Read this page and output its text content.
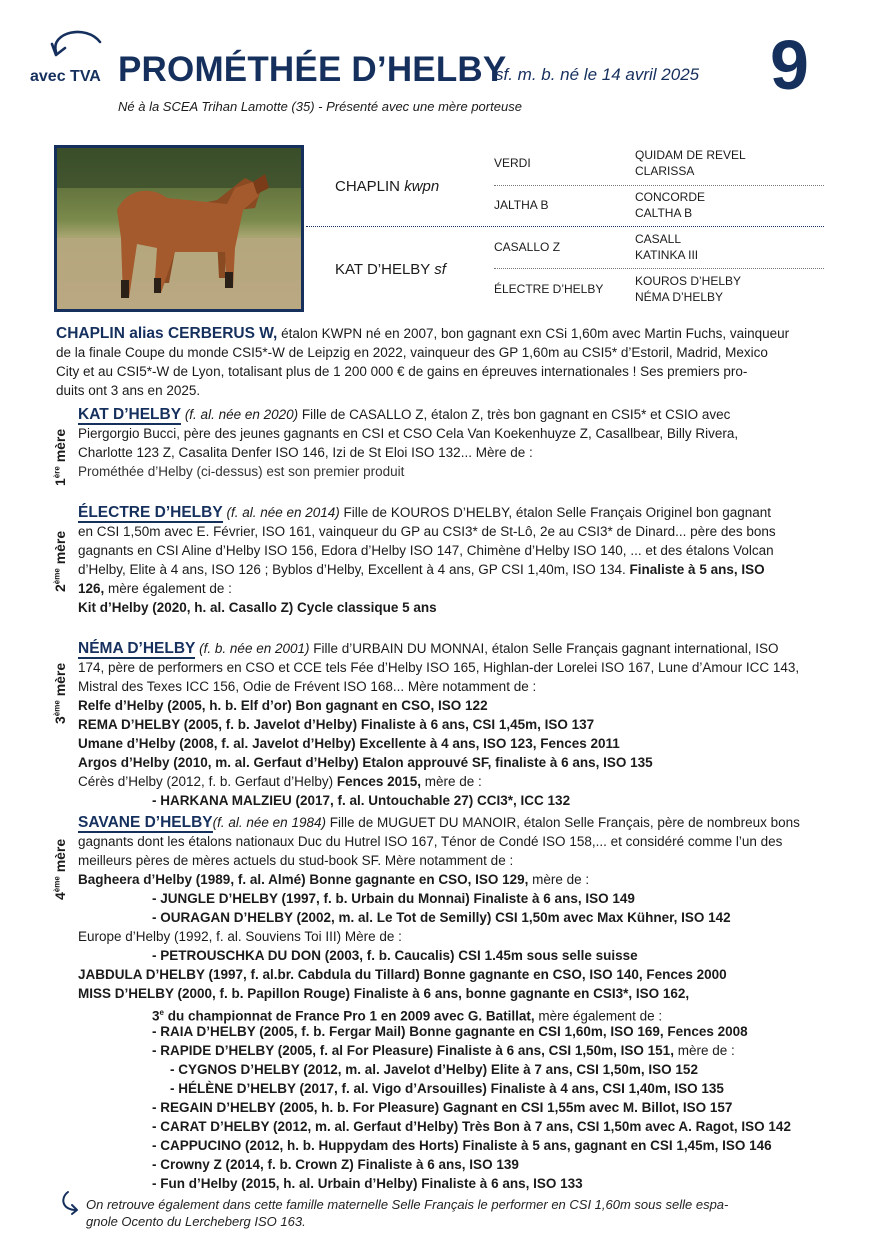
avec TVA PROMÉTHÉE D’HELBY
sf. m. b. né le 14 avril 2025 9
Né à la SCEA Trihan Lamotte (35) - Présenté avec une mère porteuse
CHAPLIN kwpn
KAT D’HELBY sf
VERDI
JALTHA B
CASALLO Z
ÉLECTRE D’HELBY
QUIDAM DE REVEL
CLARISSA
CONCORDE
CALTHA B
CASALL
KATINKA III
KOUROS D’HELBY
NÉMA D’HELBY
CHAPLIN alias CERBERUS W, étalon KWPN né en 2007, bon gagnant exn CSi 1,60m avec Martin Fuchs, vainqueur
de la finale Coupe du monde CSI5*-W de Leipzig en 2022, vainqueur des GP 1,60m au CSI5* d’Estoril, Madrid, Mexico
City et au CSI5*-W de Lyon, totalisant plus de 1 200 000 € de gains en épreuves internationales ! Ses premiers pro-
duits ont 3 ans en 2025.
1ère mère
KAT D’HELBY (f. al. née en 2020) Fille de CASALLO Z, étalon Z, très bon gagnant en CSI5* et CSIO avec
Piergorgio Bucci, père des jeunes gagnants en CSI et CSO Cela Van Koekenhuyze Z, Casallbear, Billy Rivera,
Charlotte 123 Z, Casalita Denfer ISO 146, Izi de St Eloi ISO 132... Mère de :
Prométhée d’Helby (ci-dessus) est son premier produit
2ème mère
ÉLECTRE D’HELBY (f. al. née en 2014) Fille de KOUROS D’HELBY, étalon Selle Français Originel bon gagnant
en CSI 1,50m avec E. Février, ISO 161, vainqueur du GP au CSI3* de St-Lô, 2e au CSI3* de Dinard... père des bons
gagnants en CSI Aline d’Helby ISO 156, Edora d’Helby ISO 147, Chimène d’Helby ISO 140, ... et des étalons Volcan
d’Helby, Elite à 4 ans, ISO 126 ; Byblos d’Helby, Excellent à 4 ans, GP CSI 1,40m, ISO 134. Finaliste à 5 ans, ISO
126, mère également de :
Kit d’Helby (2020, h. al. Casallo Z) Cycle classique 5 ans
3ème mère
NÉMA D’HELBY (f. b. née en 2001) Fille d’URBAIN DU MONNAI, étalon Selle Français gagnant international, ISO
174, père de performers en CSO et CCE tels Fée d’Helby ISO 165, Highlan-der Lorelei ISO 167, Lune d’Amour ICC 143,
Mistral des Texes ICC 156, Odie de Frévent ISO 168... Mère notamment de :
Relfe d’Helby (2005, h. b. Elf d’or) Bon gagnant en CSO, ISO 122
REMA D’HELBY (2005, f. b. Javelot d’Helby) Finaliste à 6 ans, CSI 1,45m, ISO 137
Umane d’Helby (2008, f. al. Javelot d’Helby) Excellente à 4 ans, ISO 123, Fences 2011
Argos d’Helby (2010, m. al. Gerfaut d’Helby) Etalon approuvé SF, finaliste à 6 ans, ISO 135
Cérès d’Helby (2012, f. b. Gerfaut d’Helby) Fences 2015, mère de :
- HARKANA MALZIEU (2017, f. al. Untouchable 27) CCI3*, ICC 132
4ème mère
SAVANE D’HELBY(f. al. née en 1984) Fille de MUGUET DU MANOIR, étalon Selle Français, père de nombreux bons
gagnants dont les étalons nationaux Duc du Hutrel ISO 167, Ténor de Condé ISO 158,... et considéré comme l’un des
meilleurs pères de mères actuels du stud-book SF. Mère notamment de :
Bagheera d’Helby (1989, f. al. Almé) Bonne gagnante en CSO, ISO 129, mère de :
- JUNGLE D’HELBY (1997, f. b. Urbain du Monnai) Finaliste à 6 ans, ISO 149
- OURAGAN D’HELBY (2002, m. al. Le Tot de Semilly) CSI 1,50m avec Max Kühner, ISO 142
Europe d’Helby (1992, f. al. Souviens Toi III) Mère de :
- PETROUSCHKA DU DON (2003, f. b. Caucalis) CSI 1.45m sous selle suisse
JABDULA D’HELBY (1997, f. al.br. Cabdula du Tillard) Bonne gagnante en CSO, ISO 140, Fences 2000
MISS D’HELBY (2000, f. b. Papillon Rouge) Finaliste à 6 ans, bonne gagnante en CSI3*, ISO 162,
3e du championnat de France Pro 1 en 2009 avec G. Batillat, mère également de :
- RAIA D’HELBY (2005, f. b. Fergar Mail) Bonne gagnante en CSI 1,60m, ISO 169, Fences 2008
- RAPIDE D’HELBY (2005, f. al For Pleasure) Finaliste à 6 ans, CSI 1,50m, ISO 151, mère de :
- CYGNOS D’HELBY (2012, m. al. Javelot d’Helby) Elite à 7 ans, CSI 1,50m, ISO 152
- HÉLÈNE D’HELBY (2017, f. al. Vigo d’Arsouilles) Finaliste à 4 ans, CSI 1,40m, ISO 135
- REGAIN D’HELBY (2005, h. b. For Pleasure) Gagnant en CSI 1,55m avec M. Billot, ISO 157
- CARAT D’HELBY (2012, m. al. Gerfaut d’Helby) Très Bon à 7 ans, CSI 1,50m avec A. Ragot, ISO 142
- CAPPUCINO (2012, h. b. Huppydam des Horts) Finaliste à 5 ans, gagnant en CSI 1,45m, ISO 146
- Crowny Z (2014, f. b. Crown Z) Finaliste à 6 ans, ISO 139
- Fun d’Helby (2015, h. al. Urbain d’Helby) Finaliste à 6 ans, ISO 133
On retrouve également dans cette famille maternelle Selle Français le performer en CSI 1,60m sous selle espa-
gnole Ocento du Lercheberg ISO 163.
